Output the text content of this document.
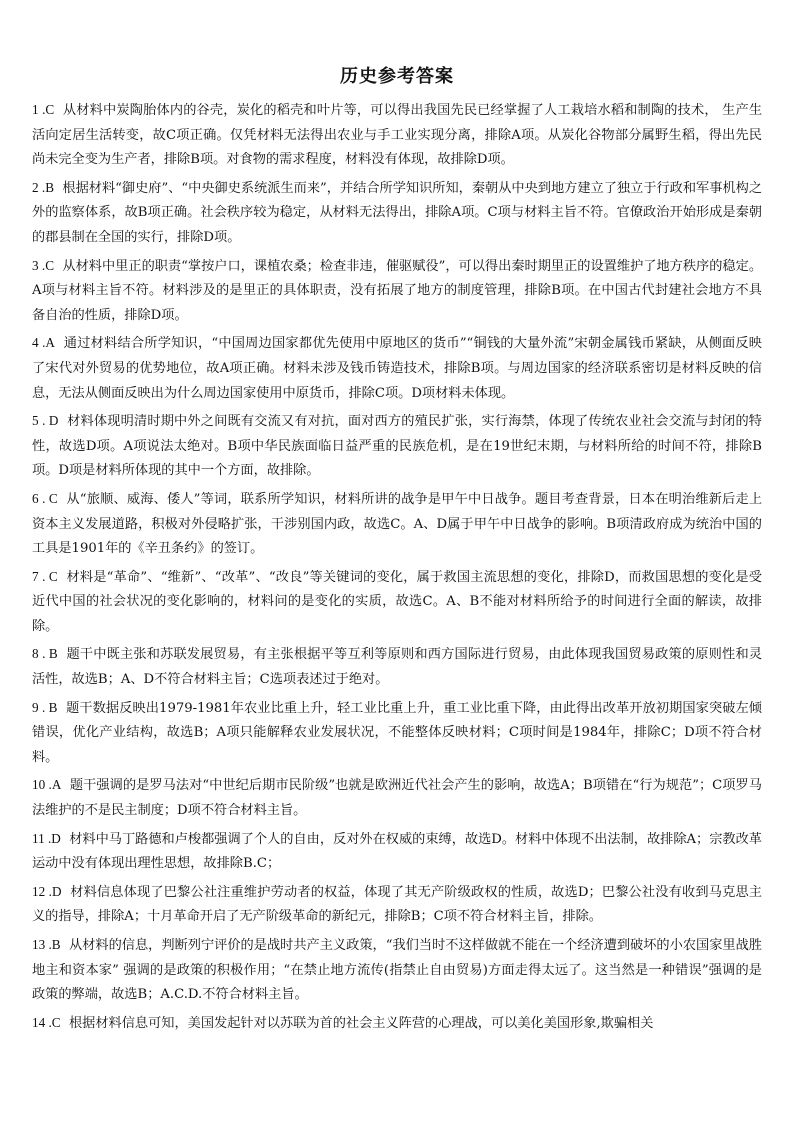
历史参考答案

1 .C 从材料中炭陶胎体内的谷壳，炭化的稻壳和叶片等，可以得出我国先民已经掌握了人工栽培水稻和制陶的技术， 生产生活向定居生活转变，故C项正确。仅凭材料无法得出农业与手工业实现分离，排除A项。从炭化谷物部分属野生稻，得出先民尚未完全变为生产者，排除B项。对食物的需求程度，材料没有体现，故排除D项。

2 .B 根据材料“御史府”、“中央御史系统派生而来”，并结合所学知识所知，秦朝从中央到地方建立了独立于行政和军事机构之外的监察体系，故B项正确。社会秩序较为稳定，从材料无法得出，排除A项。C项与材料主旨不符。官僚政治开始形成是秦朝的郡县制在全国的实行，排除D项。

3 .C 从材料中里正的职责“掌按户口，课植农桑；检查非违，催驱赋役”，可以得出秦时期里正的设置维护了地方秩序的稳定。A项与材料主旨不符。材料涉及的是里正的具体职责，没有拓展了地方的制度管理，排除B项。在中国古代封建社会地方不具备自治的性质，排除D项。

4 .A 通过材料结合所学知识，“中国周边国家都优先使用中原地区的货币”“铜钱的大量外流”宋朝金属钱币紧缺，从侧面反映了宋代对外贸易的优势地位，故A项正确。材料未涉及钱币铸造技术，排除B项。与周边国家的经济联系密切是材料反映的信息，无法从侧面反映出为什么周边国家使用中原货币，排除C项。D项材料未体现。

5 . D 材料体现明清时期中外之间既有交流又有对抗，面对西方的殖民扩张，实行海禁，体现了传统农业社会交流与封闭的特性，故选D项。A项说法太绝对。B项中华民族面临日益严重的民族危机，是在19世纪末期，与材料所给的时间不符，排除B项。D项是材料所体现的其中一个方面，故排除。

6 . C 从“旅顺、威海、倭人”等词，联系所学知识，材料所讲的战争是甲午中日战争。题目考查背景，日本在明治维新后走上资本主义发展道路，积极对外侵略扩张，干涉别国内政，故选C。A、D属于甲午中日战争的影响。B项清政府成为统治中国的工具是1901年的《辛丑条约》的签订。

7 . C 材料是“革命”、“维新”、“改革”、“改良”等关键词的变化，属于救国主流思想的变化，排除D，而救国思想的变化是受近代中国的社会状况的变化影响的，材料问的是变化的实质，故选C。A、B不能对材料所给予的时间进行全面的解读，故排除。

8 . B 题干中既主张和苏联发展贸易，有主张根据平等互利等原则和西方国际进行贸易，由此体现我国贸易政策的原则性和灵活性，故选B；A、D不符合材料主旨；C选项表述过于绝对。

9 . B 题干数据反映出1979-1981年农业比重上升，轻工业比重上升，重工业比重下降，由此得出改革开放初期国家突破左倾错误，优化产业结构，故选B；A项只能解释农业发展状况，不能整体反映材料；C项时间是1984年，排除C；D项不符合材料。

10 .A 题干强调的是罗马法对“中世纪后期市民阶级”也就是欧洲近代社会产生的影响，故选A；B项错在“行为规范”；C项罗马法维护的不是民主制度；D项不符合材料主旨。

11 .D 材料中马丁路德和卢梭都强调了个人的自由，反对外在权威的束缚，故选D。材料中体现不出法制，故排除A；宗教改革运动中没有体现出理性思想，故排除B.C；

12 .D 材料信息体现了巴黎公社注重维护劳动者的权益，体现了其无产阶级政权的性质，故选D；巴黎公社没有收到马克思主义的指导，排除A；十月革命开启了无产阶级革命的新纪元，排除B；C项不符合材料主旨，排除。

13 .B 从材料的信息，判断列宁评价的是战时共产主义政策，“我们当时不这样做就不能在一个经济遭到破坏的小农国家里战胜地主和资本家” 强调的是政策的积极作用；“在禁止地方流传(指禁止自由贸易)方面走得太远了。这当然是一种错误”强调的是政策的弊端，故选B；A.C.D.不符合材料主旨。

14 .C 根据材料信息可知，美国发起针对以苏联为首的社会主义阵营的心理战，可以美化美国形象,欺骗相关
